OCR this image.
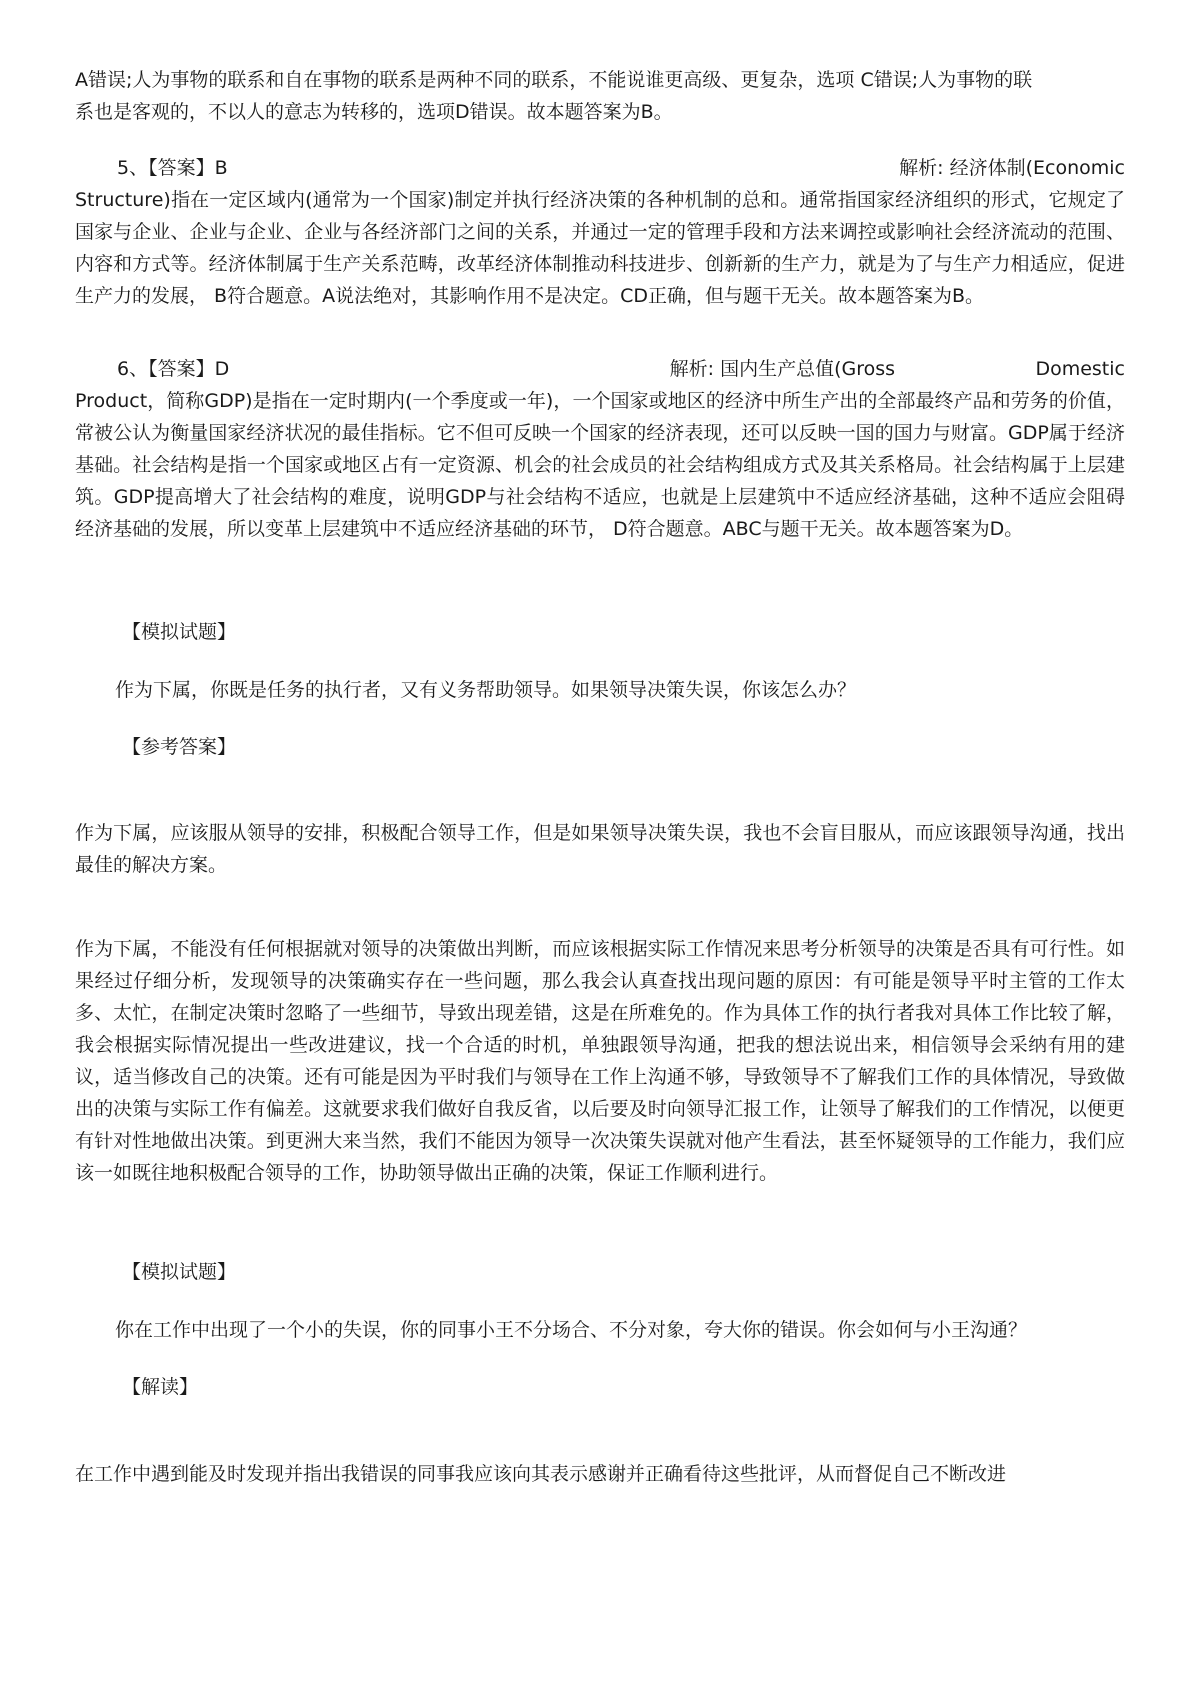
A错误;人为事物的联系和自在事物的联系是两种不同的联系，不能说谁更高级、更复杂，选项 C错误;人为事物的联
系也是客观的，不以人的意志为转移的，选项D错误。故本题答案为B。
5、【答案】B	解析: 经济体制(Economic
Structure)指在一定区域内(通常为一个国家)制定并执行经济决策的各种机制的总和。通常指国家经济组织的形式，它规定了国家与企业、企业与企业、企业与各经济部门之间的关系，并通过一定的管理手段和方法来调控或影响社会经济流动的范围、内容和方式等。经济体制属于生产关系范畴，改革经济体制推动科技进步、创新新的生产力，就是为了与生产力相适应，促进生产力的发展， B符合题意。A说法绝对，其影响作用不是决定。CD正确，但与题干无关。故本题答案为B。
6、【答案】D	解析: 国内生产总值(Gross	Domestic
Product，简称GDP)是指在一定时期内(一个季度或一年)，一个国家或地区的经济中所生产出的全部最终产品和劳务的价值，常被公认为衡量国家经济状况的最佳指标。它不但可反映一个国家的经济表现，还可以反映一国的国力与财富。GDP属于经济基础。社会结构是指一个国家或地区占有一定资源、机会的社会成员的社会结构组成方式及其关系格局。社会结构属于上层建筑。GDP提高增大了社会结构的难度，说明GDP与社会结构不适应，也就是上层建筑中不适应经济基础，这种不适应会阻碍经济基础的发展，所以变革上层建筑中不适应经济基础的环节， D符合题意。ABC与题干无关。故本题答案为D。

【模拟试题】

作为下属，你既是任务的执行者，又有义务帮助领导。如果领导决策失误，你该怎么办？

【参考答案】

作为下属，应该服从领导的安排，积极配合领导工作，但是如果领导决策失误，我也不会盲目服从，而应该跟领导沟通，找出最佳的解决方案。

作为下属，不能没有任何根据就对领导的决策做出判断，而应该根据实际工作情况来思考分析领导的决策是否具有可行性。如果经过仔细分析，发现领导的决策确实存在一些问题，那么我会认真查找出现问题的原因：有可能是领导平时主管的工作太多、太忙，在制定决策时忽略了一些细节，导致出现差错，这是在所难免的。作为具体工作的执行者我对具体工作比较了解，我会根据实际情况提出一些改进建议，找一个合适的时机，单独跟领导沟通，把我的想法说出来，相信领导会采纳有用的建议，适当修改自己的决策。还有可能是因为平时我们与领导在工作上沟通不够，导致领导不了解我们工作的具体情况，导致做出的决策与实际工作有偏差。这就要求我们做好自我反省，以后要及时向领导汇报工作，让领导了解我们的工作情况，以便更有针对性地做出决策。到更洲大来当然，我们不能因为领导一次决策失误就对他产生看法，甚至怀疑领导的工作能力，我们应该一如既往地积极配合领导的工作，协助领导做出正确的决策，保证工作顺利进行。

【模拟试题】

你在工作中出现了一个小的失误，你的同事小王不分场合、不分对象，夸大你的错误。你会如何与小王沟通？

【解读】

在工作中遇到能及时发现并指出我错误的同事我应该向其表示感谢并正确看待这些批评，从而督促自己不断改进
